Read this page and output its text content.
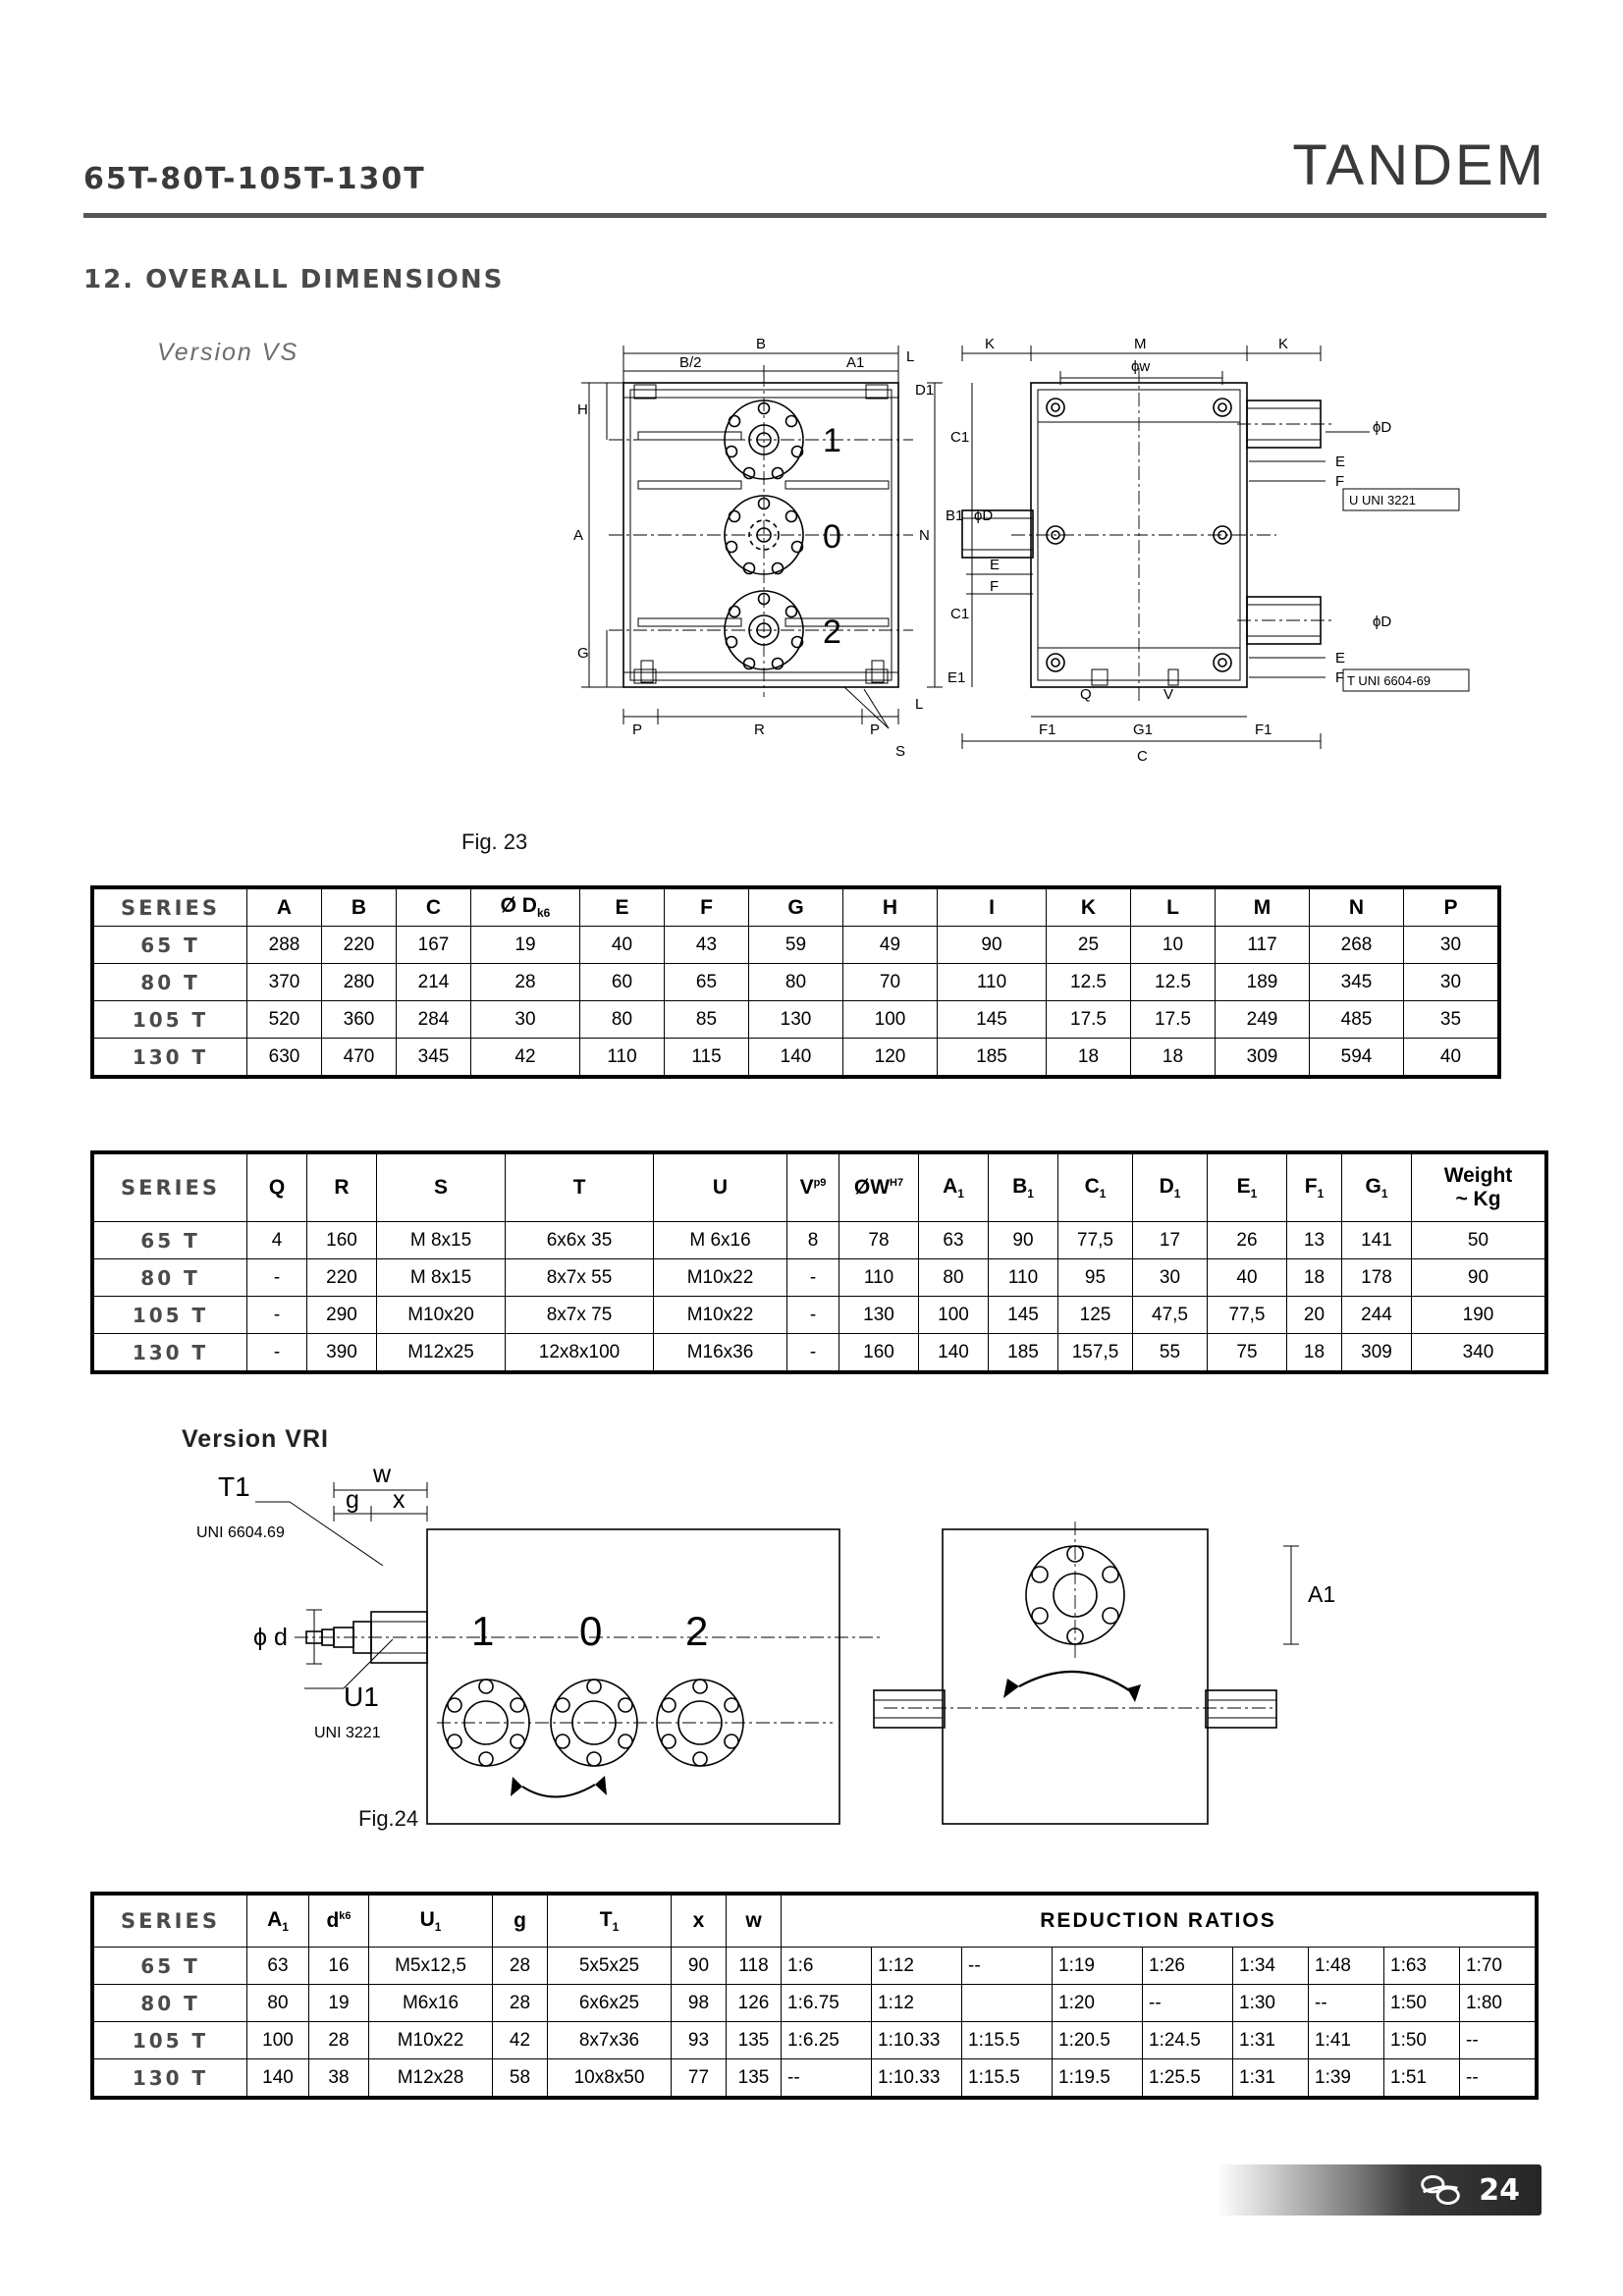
65T-80T-105T-130T	TANDEM
12. OVERALL DIMENSIONS
Version VS
Fig. 23
B
B/2	A1	L
K	M	K
ϕw
D1
H
C1
A	N
B1 ϕD
E
F
G
C1
E1
P	R	P
S
L
F1	G1	F1
C
Q	V
ϕD
E
F
ϕD
E
F
U UNI 3221
T UNI 6604-69
1
0
2
SERIES	A	B	C	Ø $D_{k6}$	E	F	G	H	I	K	L	M	N	P
65 T	288	220	167	19	40	43	59	49	90	25	10	117	268	30
80 T	370	280	214	28	60	65	80	70	110	12.5	12.5	189	345	30
105 T	520	360	284	30	80	85	130	100	145	17.5	17.5	249	485	35
130 T	630	470	345	42	110	115	140	120	185	18	18	309	594	40
SERIES	Q	R	S	T	U	$V^{p9}$	$ØW^{H7}$	$A_1$	$B_1$	$C_1$	$D_1$	$E_1$	$F_1$	$G_1$	Weight
~ Kg

65 T	4	160	M 8x15	6x6x 35	M 6x16	8	78	63	90	77,5	17	26	13	141	50
80 T	-	220	M 8x15	8x7x 55	M10x22	-	110	80	110	95	30	40	18	178	90
105 T	-	290	M10x20	8x7x 75	M10x22	-	130	100	145	125	47,5	77,5	20	244	190
130 T	-	390	M12x25	12x8x100	M16x36	-	160	140	185	157,5	55	75	18	309	340
Version VRI
Fig.24
T1
UNI 6604.69
U1
UNI 3221
ϕ d
g x
w
A1
1 0 2
SERIES	$A_1$	$d^{k6}$	$U_1$	g	$T_1$	x	w	REDUCTION RATIOS								
65 T	63	16	M5x12,5	28	5x5x25	90	118	1:6	1:12	--	1:19	1:26	1:34	1:48	1:63	1:70
80 T	80	19	M6x16	28	6x6x25	98	126	1:6.75	1:12		1:20	--	1:30	--	1:50	1:80
105 T	100	28	M10x22	42	8x7x36	93	135	1:6.25	1:10.33	1:15.5	1:20.5	1:24.5	1:31	1:41	1:50	--
130 T	140	38	M12x28	58	10x8x50	77	135	--	1:10.33	1:15.5	1:19.5	1:25.5	1:31	1:39	1:51	--
24
